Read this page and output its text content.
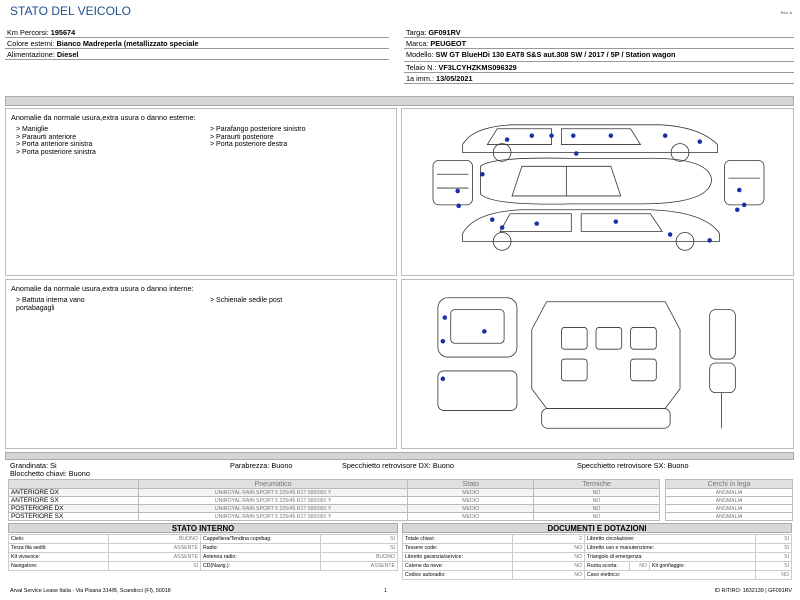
STATO DEL VEICOLO	Rev. A
Km Percorsi: 195674
Colore esterni: Bianco Madreperla (metallizzato speciale
Alimentazione: Diesel
Targa: GF091RV
Marca: PEUGEOT
Modello: SW GT BlueHDi 130 EAT8 S&S aut.308 SW / 2017 / 5P / Station wagon
Telaio N.: VF3LCYHZKMS096329
1a imm.: 13/05/2021
Anomalie da normale usura,extra usura o danno esterne:
> Maniglie
> Paraurti anteriore
> Porta anteriore sinistra
> Porta posteriore sinistra
> Parafango posteriore sinistro
> Paraurti posteriore
> Porta posteriore destra
Anomalie da normale usura,extra usura o danno interne:
> Battuta interna vano
portabagagli
> Schienale sedile post
Grandinata: Si	Parabrezza: Buono	Specchietto retrovisore DX: Buono	Specchietto retrovisore SX: Buono
Blocchetto chiavi: Buono
	Pneumatico	Stato	Termiche
ANTERIORE DX	UNIROYAL RAIN SPORT 5 225/45 R17 000/091 Y	MEDIO	NO
ANTERIORE SX	UNIROYAL RAIN SPORT 5 225/45 R17 000/091 Y	MEDIO	NO
POSTERIORE DX	UNIROYAL RAIN SPORT 5 225/45 R17 000/091 Y	MEDIO	NO
POSTERIORE SX	UNIROYAL RAIN SPORT 5 225/45 R17 000/091 Y	MEDIO	NO
Cerchi in lega
ANOMALIA
ANOMALIA
ANOMALIA
ANOMALIA
STATO INTERNO
Cielo:	BUONO	Cappelliera/Tendina copribag:	SI
Terza fila sedili:	ASSENTE	Radio:	SI
Kit vivavoce:	ASSENTE	Antenna radio:	BUONO
Navigatore:	SI	CD(Navig.):	ASSENTE
DOCUMENTI E DOTAZIONI
Totale chiavi:	2	Libretto circolazione:			SI
Tessere code:	NO	Libretto uso e manutenzione:			SI
Libretto garanzia/service:	NO	Triangolo di emergenza:			SI
Catene da neve:	NO	Ruota scorta:	NO	Kit gonfiaggio:	SI
Codice autoradio:	NO	Cavo elettrico:			NO
Arval Service Lease Italia - Via Pisana 314/B, Scandicci (FI), 50018	1	ID RITIRO: 1832139 | GF091RV
